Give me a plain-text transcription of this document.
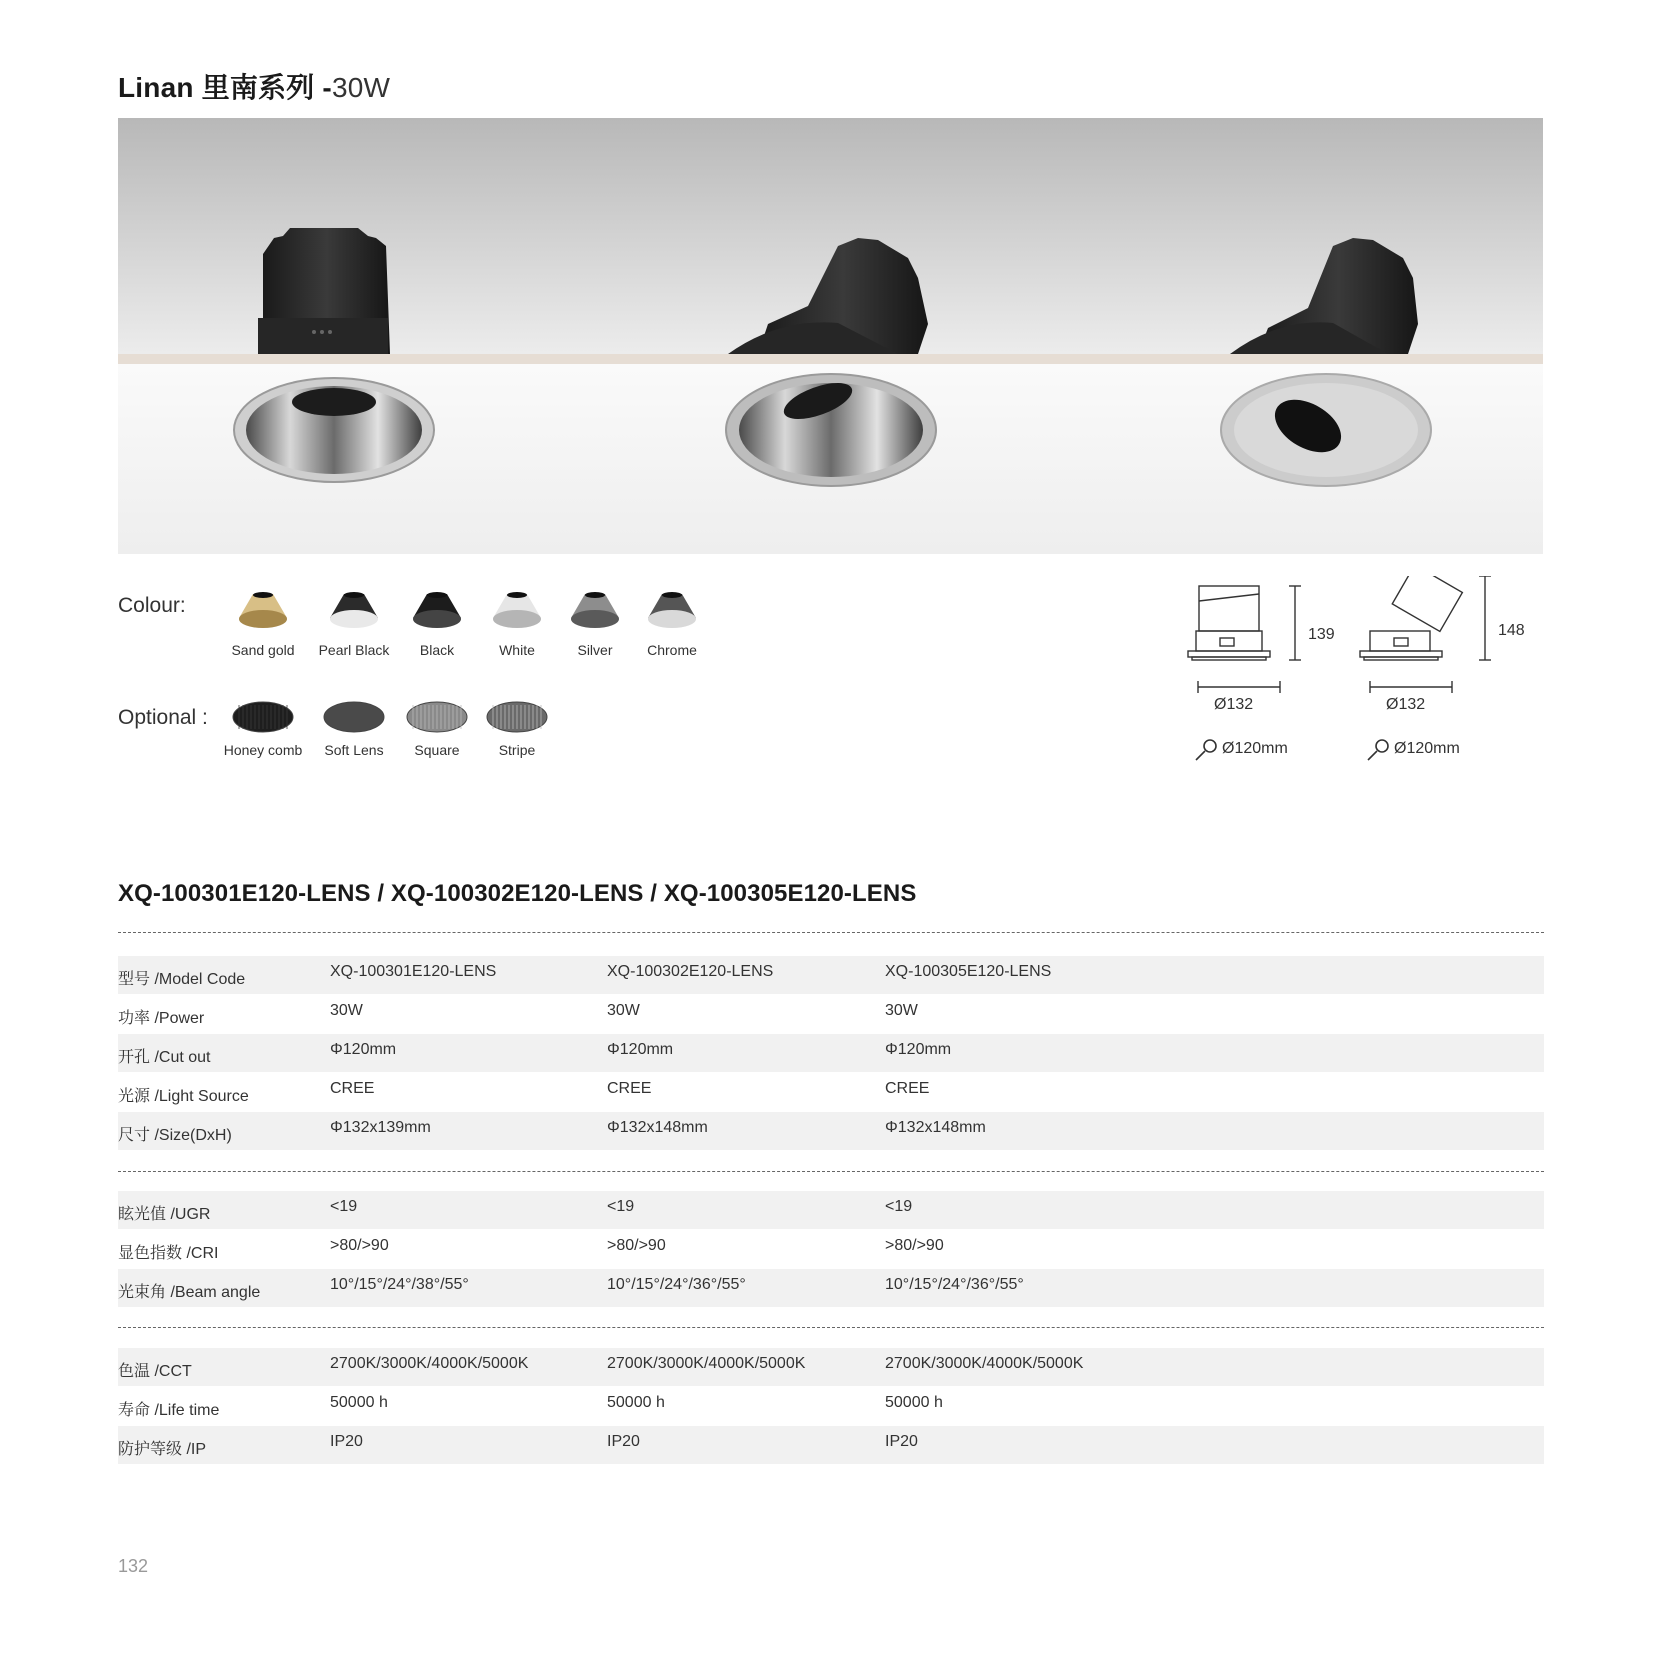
Linan 里南系列 -30W
Colour:
Sand gold	Pearl Black	Black	White	Silver	Chrome
Optional :
Honey comb	Soft Lens	Square	Stripe
139
Ø132
Ø120mm
148
Ø132
Ø120mm
XQ-100301E120-LENS / XQ-100302E120-LENS / XQ-100305E120-LENS
型号 /Model Code	XQ-100301E120-LENS	XQ-100302E120-LENS	XQ-100305E120-LENS
功率 /Power	30W	30W	30W
开孔 /Cut out	Φ120mm	Φ120mm	Φ120mm
光源 /Light Source	CREE	CREE	CREE
尺寸 /Size(DxH)	Φ132x139mm	Φ132x148mm	Φ132x148mm
眩光值 /UGR	<19	<19	<19
显色指数 /CRI	>80/>90	>80/>90	>80/>90
光束角 /Beam angle	10°/15°/24°/38°/55°	10°/15°/24°/36°/55°	10°/15°/24°/36°/55°
色温 /CCT	2700K/3000K/4000K/5000K	2700K/3000K/4000K/5000K	2700K/3000K/4000K/5000K
寿命 /Life time	50000 h	50000 h	50000 h
防护等级 /IP	IP20	IP20	IP20
132
